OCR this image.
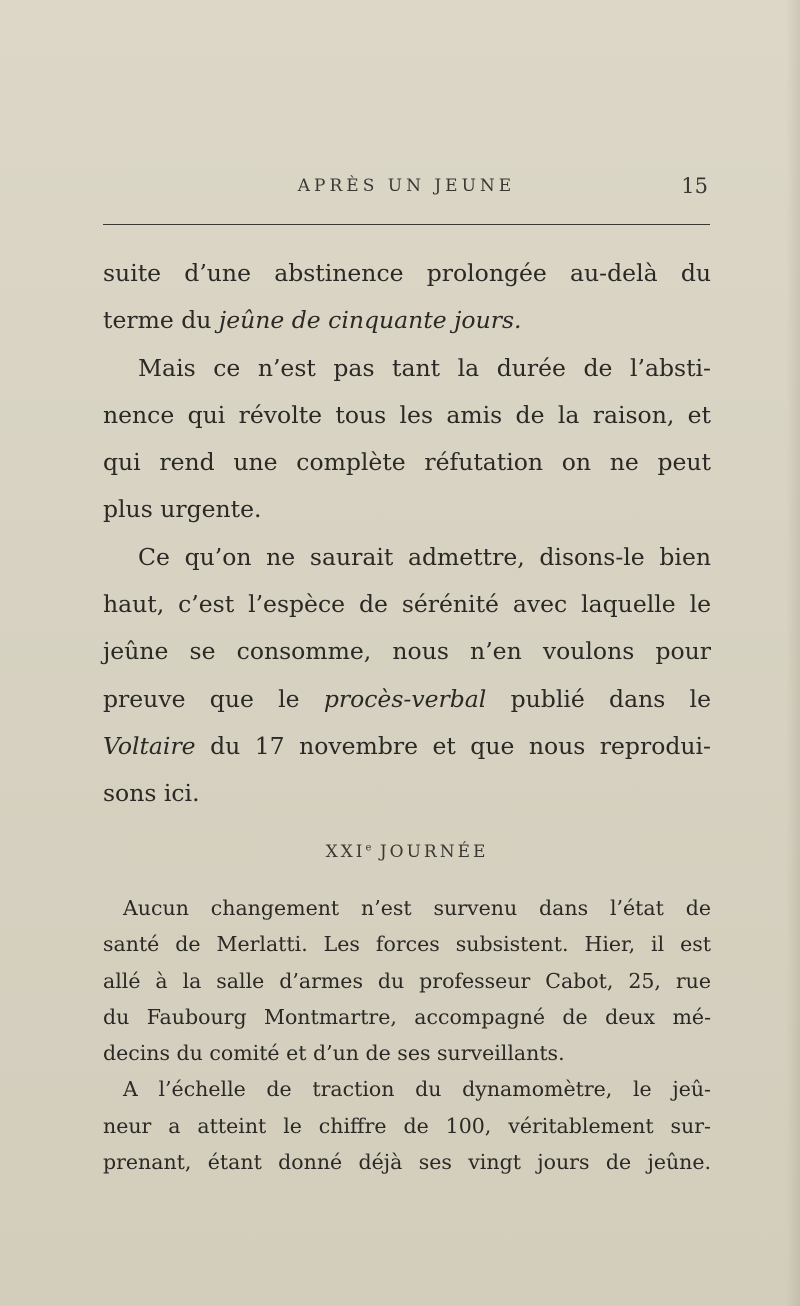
APRÈS UN JEUNE	15
suite d’une abstinence prolongée au-delà du
terme du jeûne de cinquante jours.
Mais ce n’est pas tant la durée de l’absti-
nence qui révolte tous les amis de la raison, et
qui rend une complète réfutation on ne peut
plus urgente.
Ce qu’on ne saurait admettre, disons-le bien
haut, c’est l’espèce de sérénité avec laquelle le
jeûne se consomme, nous n’en voulons pour
preuve que le procès-verbal publié dans le
Voltaire du 17 novembre et que nous reprodui-
sons ici.
XXIe JOURNÉE
Aucun changement n’est survenu dans l’état de
santé de Merlatti. Les forces subsistent. Hier, il est
allé à la salle d’armes du professeur Cabot, 25, rue
du Faubourg Montmartre, accompagné de deux mé-
decins du comité et d’un de ses surveillants.
A l’échelle de traction du dynamomètre, le jeû-
neur a atteint le chiffre de 100, véritablement sur-
prenant, étant donné déjà ses vingt jours de jeûne.
